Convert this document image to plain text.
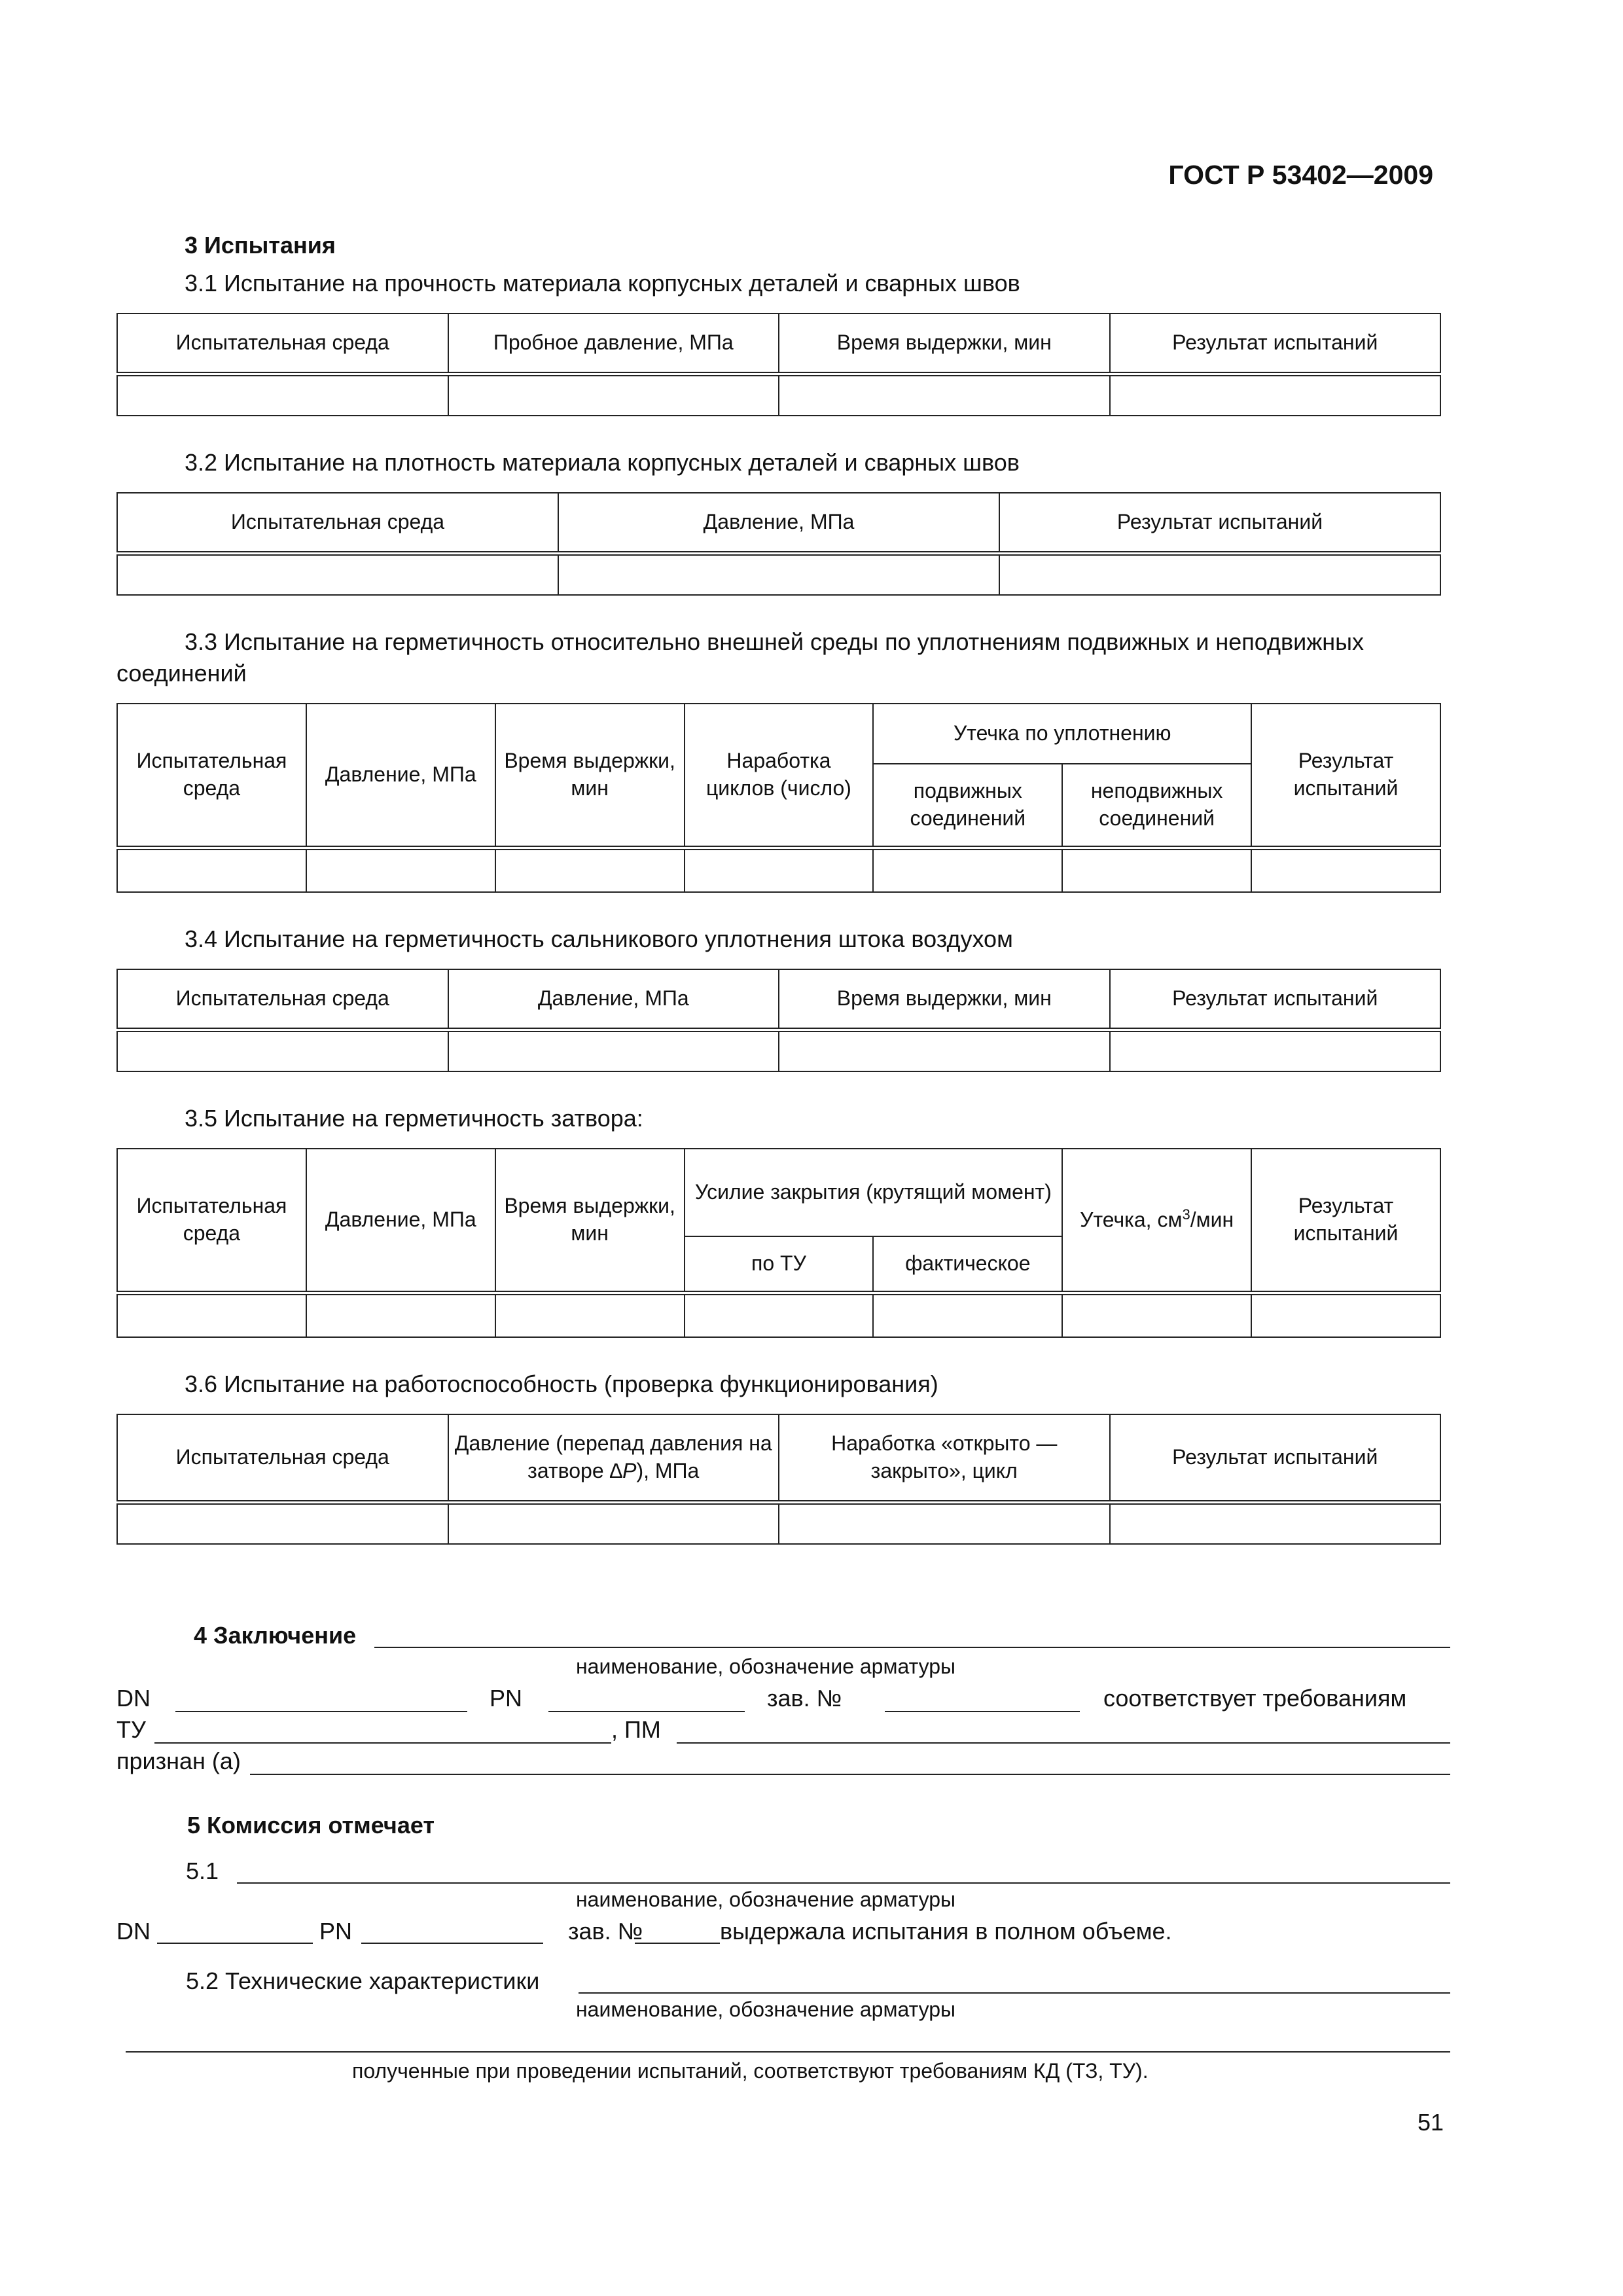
ГОСТ Р 53402—2009
3 Испытания
3.1 Испытание на прочность материала корпусных деталей и сварных швов
Испытательная среда	Пробное давление, МПа	Время выдержки, мин	Результат испытаний

3.2 Испытание на плотность материала корпусных деталей и сварных швов
Испытательная среда	Давление, МПа	Результат испытаний

3.3 Испытание на герметичность относительно внешней среды по уплотнениям подвижных и неподвижных
соединений
Испытательная среда	Давление, МПа	Время выдержки, мин	Наработка циклов (число)	Утечка по уплотнению		Результат испытаний
				подвижных соединений	неподвижных соединений	

3.4 Испытание на герметичность сальникового уплотнения штока воздухом
Испытательная среда	Давление, МПа	Время выдержки, мин	Результат испытаний

3.5 Испытание на герметичность затвора:
Испытательная среда	Давление, МПа	Время выдержки, мин	Усилие закрытия (крутящий момент)		Утечка, $см^3$/мин	Результат испытаний
			по ТУ	фактическое		

3.6 Испытание на работоспособность (проверка функционирования)
Испытательная среда	Давление (перепад давления на затворе ∆P), МПа	Наработка «открыто — закрыто», цикл	Результат испытаний

4 Заключение
наименование, обозначение арматуры
DN	PN	зав. №	соответствует требованиям
ТУ	, ПМ
признан (а)
5 Комиссия отмечает
5.1
наименование, обозначение арматуры
DN	PN	зав. №	выдержала испытания в полном объеме.
5.2 Технические характеристики
наименование, обозначение арматуры
полученные при проведении испытаний, соответствуют требованиям КД (ТЗ, ТУ).
51
